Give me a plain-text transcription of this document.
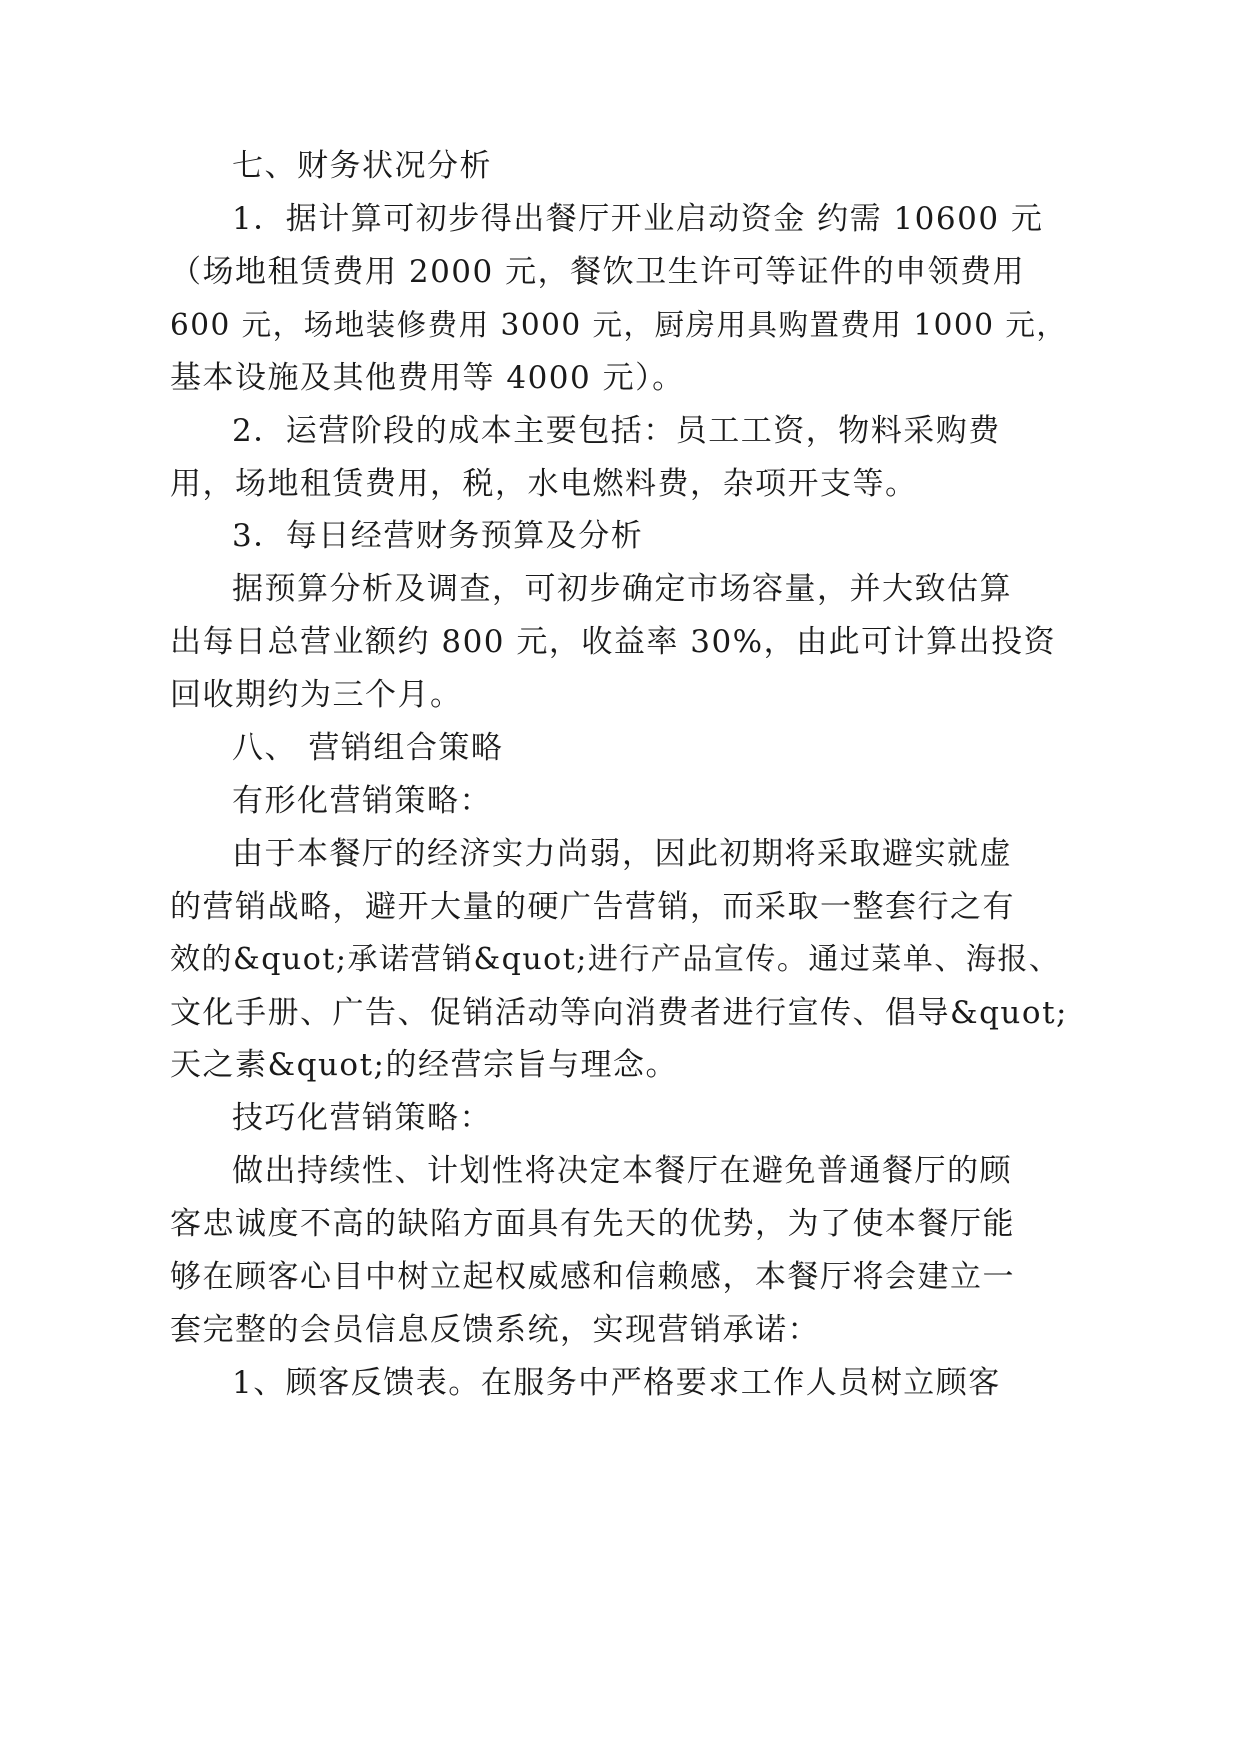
七、财务状况分析
1．据计算可初步得出餐厅开业启动资金 约需 10600 元
（场地租赁费用 2000 元，餐饮卫生许可等证件的申领费用
600 元，场地装修费用 3000 元，厨房用具购置费用 1000 元，
基本设施及其他费用等 4000 元）。
2．运营阶段的成本主要包括：员工工资，物料采购费
用，场地租赁费用，税，水电燃料费，杂项开支等。
3．每日经营财务预算及分析
据预算分析及调查，可初步确定市场容量，并大致估算
出每日总营业额约 800 元，收益率 30%，由此可计算出投资
回收期约为三个月。
八、 营销组合策略
有形化营销策略：
由于本餐厅的经济实力尚弱，因此初期将采取避实就虚
的营销战略，避开大量的硬广告营销，而采取一整套行之有
效的&quot;承诺营销&quot;进行产品宣传。通过菜单、海报、
文化手册、广告、促销活动等向消费者进行宣传、倡导&quot;
天之素&quot;的经营宗旨与理念。
技巧化营销策略：
做出持续性、计划性将决定本餐厅在避免普通餐厅的顾
客忠诚度不高的缺陷方面具有先天的优势，为了使本餐厅能
够在顾客心目中树立起权威感和信赖感，本餐厅将会建立一
套完整的会员信息反馈系统，实现营销承诺：
1、顾客反馈表。在服务中严格要求工作人员树立顾客
